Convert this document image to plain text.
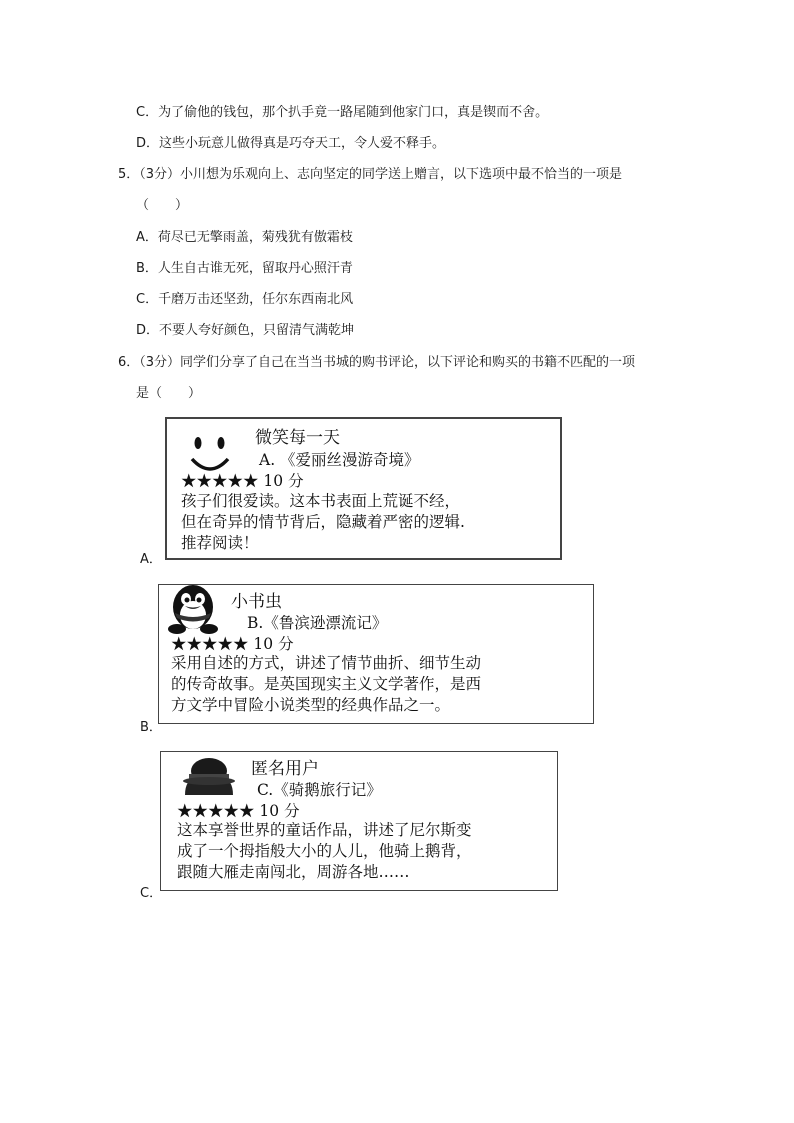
C．为了偷他的钱包，那个扒手竟一路尾随到他家门口，真是锲而不舍。
D．这些小玩意儿做得真是巧夺天工，令人爱不释手。
5．（3分）小川想为乐观向上、志向坚定的同学送上赠言，以下选项中最不恰当的一项是
（　　）
A．荷尽已无擎雨盖，菊残犹有傲霜枝
B．人生自古谁无死，留取丹心照汗青
C．千磨万击还坚劲，任尔东西南北风
D．不要人夸好颜色，只留清气满乾坤
6．（3分）同学们分享了自己在当当书城的购书评论，以下评论和购买的书籍不匹配的一项
是（　　）
微笑每一天
A. 《爱丽丝漫游奇境》
★★★★★ 10 分
孩子们很爱读。这本书表面上荒诞不经，
但在奇异的情节背后，隐藏着严密的逻辑.
推荐阅读！
A．
小书虫
B.《鲁滨逊漂流记》
★★★★★ 10 分
采用自述的方式，讲述了情节曲折、细节生动
的传奇故事。是英国现实主义文学著作，是西
方文学中冒险小说类型的经典作品之一。
B．
匿名用户
C.《骑鹅旅行记》
★★★★★ 10 分
这本享誉世界的童话作品，讲述了尼尔斯变
成了一个拇指般大小的人儿，他骑上鹅背，
跟随大雁走南闯北，周游各地……
C．
